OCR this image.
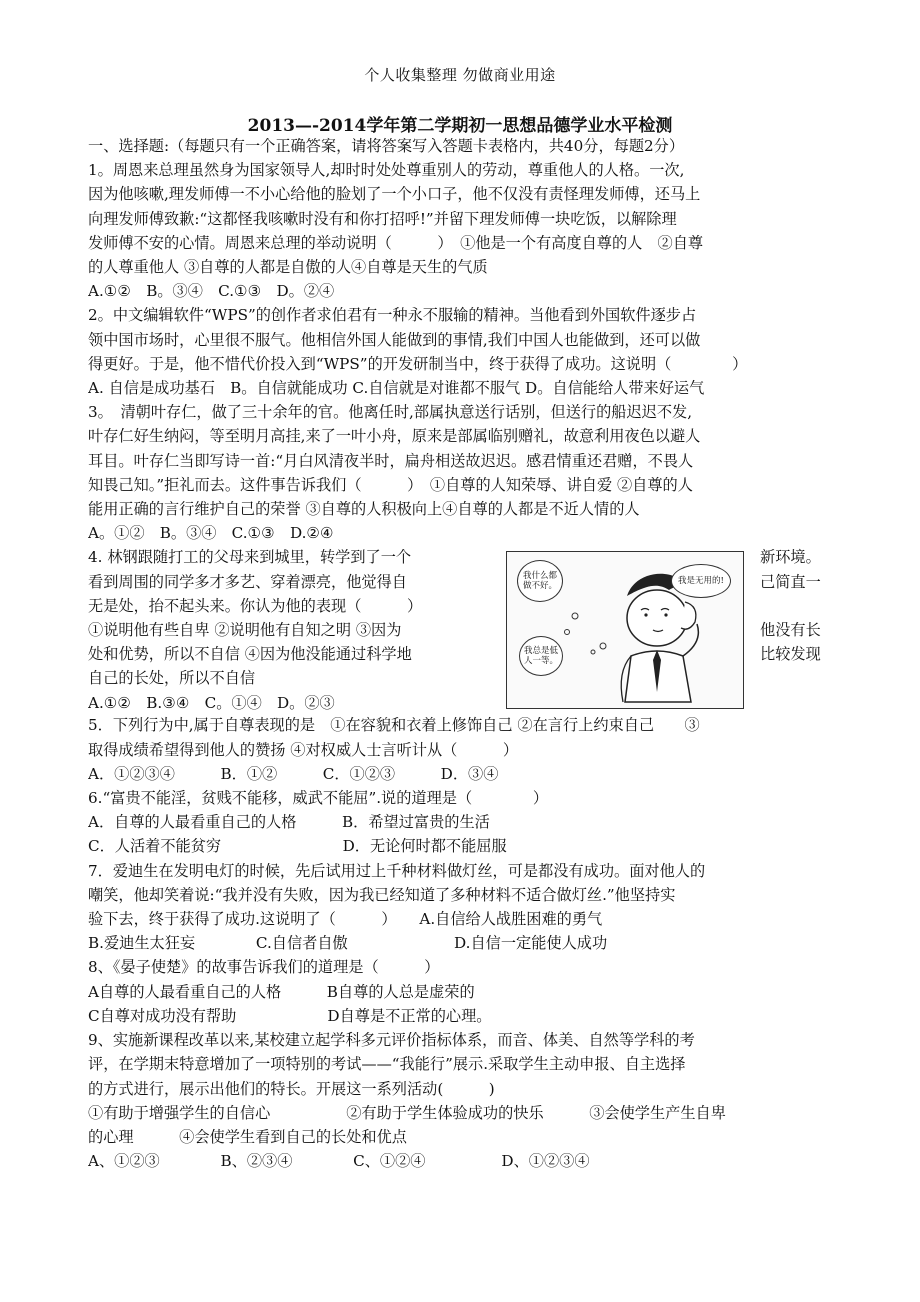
个人收集整理 勿做商业用途
2013—-2014学年第二学期初一思想品德学业水平检测

一、选择题:（每题只有一个正确答案，请将答案写入答题卡表格内，共40分，每题2分）

1。周恩来总理虽然身为国家领导人,却时时处处尊重别人的劳动，尊重他人的人格。一次,

因为他咳嗽,理发师傅一不小心给他的脸划了一个小口子，他不仅没有责怪理发师傅，还马上

向理发师傅致歉:“这都怪我咳嗽时没有和你打招呼!”并留下理发师傅一块吃饭，以解除理

发师傅不安的心情。周恩来总理的举动说明（　　　）　①他是一个有高度自尊的人　②自尊

的人尊重他人 ③自尊的人都是自傲的人④自尊是天生的气质

A.①②　B。③④　C.①③　D。②④

2。中文编辑软件“WPS”的创作者求伯君有一种永不服输的精神。当他看到外国软件逐步占

领中国市场时，心里很不服气。他相信外国人能做到的事情,我们中国人也能做到，还可以做

得更好。于是，他不惜代价投入到“WPS”的开发研制当中，终于获得了成功。这说明（　　　　）

A. 自信是成功基石　B。自信就能成功 C.自信就是对谁都不服气 D。自信能给人带来好运气

3。　清朝叶存仁，做了三十余年的官。他离任时,部属执意送行话别，但送行的船迟迟不发,

叶存仁好生纳闷，等至明月高挂,来了一叶小舟，原来是部属临别赠礼，故意利用夜色以避人

耳目。叶存仁当即写诗一首:“月白风清夜半时，扁舟相送故迟迟。感君情重还君赠，不畏人

知畏己知。”拒礼而去。这件事告诉我们（　　　）　①自尊的人知荣辱、讲自爱 ②自尊的人

能用正确的言行维护自己的荣誉 ③自尊的人积极向上④自尊的人都是不近人情的人

A。①②　B。③④　C.①③　D.②④

4. 林钢跟随打工的父母来到城里，转学到了一个

看到周围的同学多才多艺、穿着漂亮，他觉得自

无是处，抬不起头来。你认为他的表现（　　　）

①说明他有些自卑 ②说明他有自知之明 ③因为

处和优势，所以不自信 ④因为他没能通过科学地

自己的长处，所以不自信

A.①②　B.③④　C。①④　D。②③

我什么都做不好。	我是无用的!
我总是低人一等。

新环境。

己简直一

他没有长

比较发现

5．下列行为中,属于自尊表现的是　①在容貌和衣着上修饰自己 ②在言行上约束自己　　③

取得成绩希望得到他人的赞扬 ④对权威人士言听计从（　　　）

A．①②③④　　　B．①②　　　C．①②③　　　D．③④

6.“富贵不能淫，贫贱不能移，威武不能屈”.说的道理是（　　　　）

A．自尊的人最看重自己的人格　　　B．希望过富贵的生活

C．人活着不能贫穷　　　　　　　　D．无论何时都不能屈服

7．爱迪生在发明电灯的时候，先后试用过上千种材料做灯丝，可是都没有成功。面对他人的

嘲笑，他却笑着说:“我并没有失败，因为我已经知道了多种材料不适合做灯丝.”他坚持实

验下去，终于获得了成功.这说明了（　　　）　　A.自信给人战胜困难的勇气

B.爱迪生太狂妄　　　　C.自信者自傲　　　　　　　D.自信一定能使人成功

8、《晏子使楚》的故事告诉我们的道理是（　　　）

A自尊的人最看重自己的人格　　　B自尊的人总是虚荣的

C自尊对成功没有帮助　　　　　　D自尊是不正常的心理。

9、实施新课程改革以来,某校建立起学科多元评价指标体系，而音、体美、自然等学科的考

评，在学期末特意增加了一项特别的考试——“我能行”展示.采取学生主动申报、自主选择

的方式进行，展示出他们的特长。开展这一系列活动(　　　)

①有助于增强学生的自信心　　　　　②有助于学生体验成功的快乐　　　③会使学生产生自卑

的心理　　　④会使学生看到自己的长处和优点

A、①②③　　　　B、②③④　　　　C、①②④　　　　　D、①②③④
